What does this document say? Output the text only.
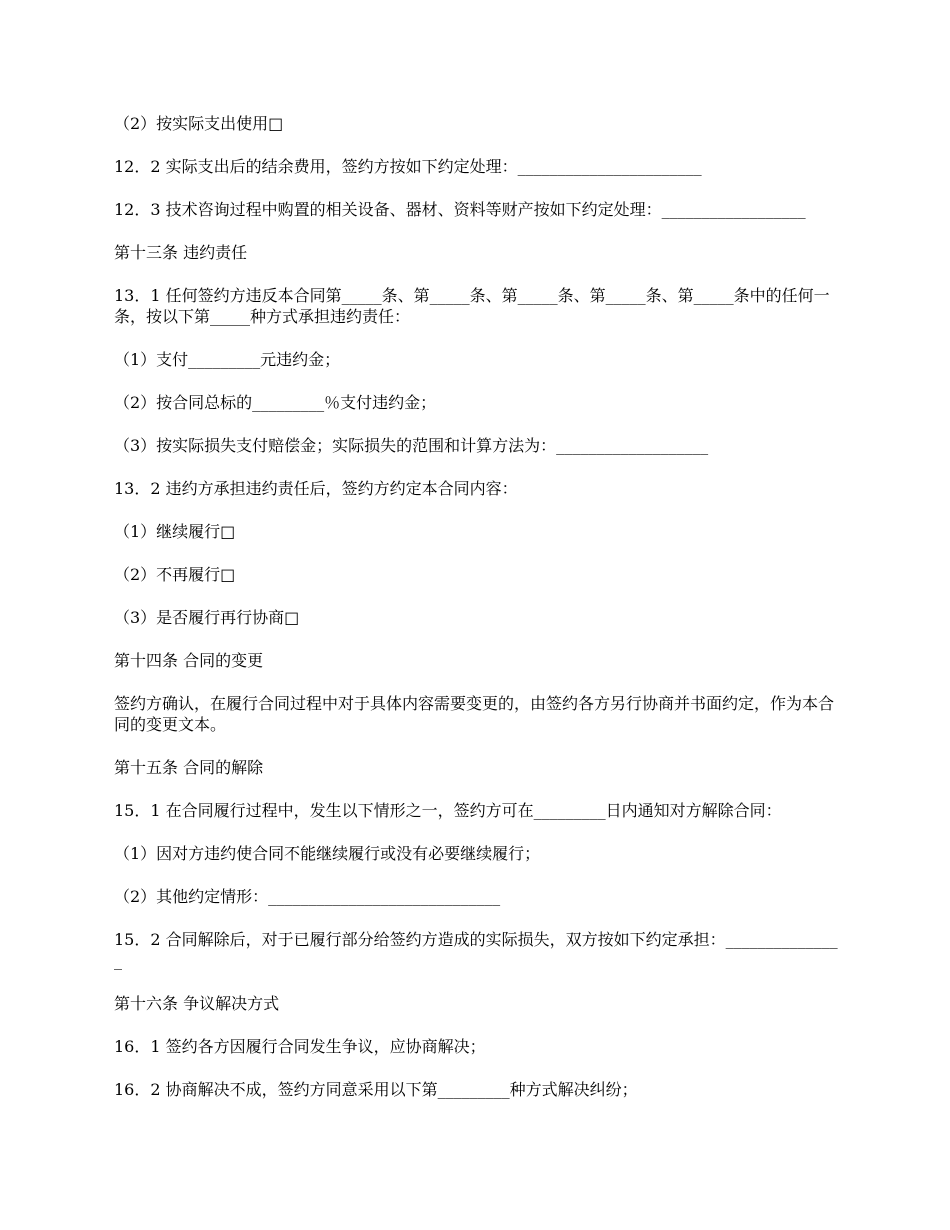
（2）按实际支出使用□

12．2 实际支出后的结余费用，签约方按如下约定处理：_______________________

12．3 技术咨询过程中购置的相关设备、器材、资料等财产按如下约定处理：__________________

第十三条 违约责任

13．1 任何签约方违反本合同第_____条、第_____条、第_____条、第_____条、第_____条中的任何一条，按以下第_____种方式承担违约责任：

（1）支付_________元违约金；

（2）按合同总标的_________％支付违约金；

（3）按实际损失支付赔偿金；实际损失的范围和计算方法为：___________________

13．2 违约方承担违约责任后，签约方约定本合同内容：

（1）继续履行□

（2）不再履行□

（3）是否履行再行协商□

第十四条 合同的变更

签约方确认，在履行合同过程中对于具体内容需要变更的，由签约各方另行协商并书面约定，作为本合同的变更文本。

第十五条 合同的解除

15．1 在合同履行过程中，发生以下情形之一，签约方可在_________日内通知对方解除合同：

（1）因对方违约使合同不能继续履行或没有必要继续履行；

（2）其他约定情形：_____________________________

15．2 合同解除后，对于已履行部分给签约方造成的实际损失，双方按如下约定承担：_______________

第十六条 争议解决方式

16．1 签约各方因履行合同发生争议，应协商解决；

16．2 协商解决不成，签约方同意采用以下第_________种方式解决纠纷；
